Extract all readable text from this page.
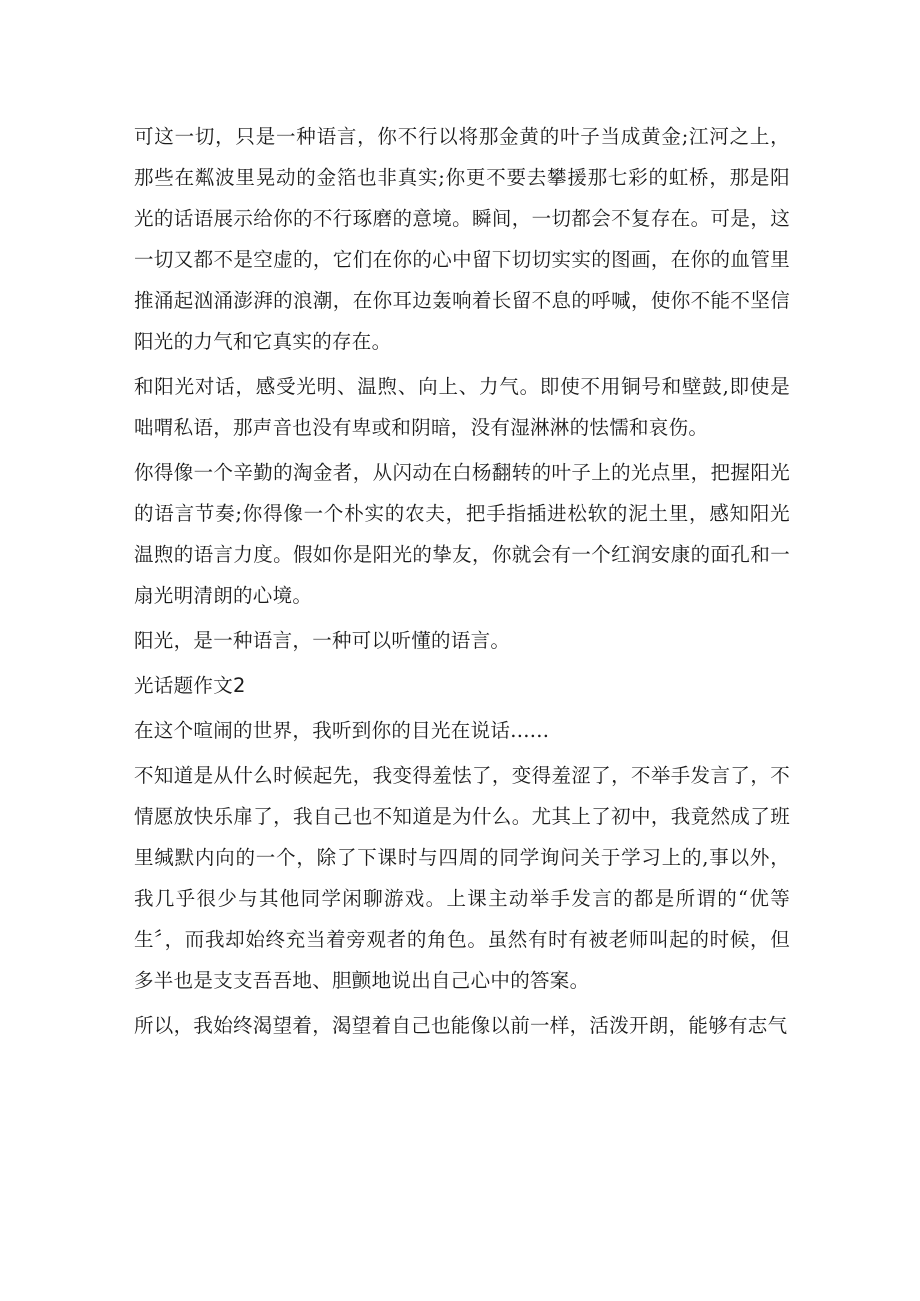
可这一切，只是一种语言，你不行以将那金黄的叶子当成黄金;江河之上，那些在粼波里晃动的金箔也非真实;你更不要去攀援那七彩的虹桥，那是阳光的话语展示给你的不行琢磨的意境。瞬间，一切都会不复存在。可是，这一切又都不是空虚的，它们在你的心中留下切切实实的图画，在你的血管里推涌起汹涌澎湃的浪潮，在你耳边轰响着长留不息的呼喊，使你不能不坚信阳光的力气和它真实的存在。

和阳光对话，感受光明、温煦、向上、力气。即使不用铜号和壁鼓,即使是咄喟私语，那声音也没有卑或和阴暗，没有湿淋淋的怯懦和哀伤。

你得像一个辛勤的淘金者，从闪动在白杨翻转的叶子上的光点里，把握阳光的语言节奏;你得像一个朴实的农夫，把手指插进松软的泥土里，感知阳光温煦的语言力度。假如你是阳光的挚友，你就会有一个红润安康的面孔和一扇光明清朗的心境。

阳光，是一种语言，一种可以听懂的语言。

光话题作文2

在这个喧闹的世界，我听到你的目光在说话......

不知道是从什么时候起先，我变得羞怯了，变得羞涩了，不举手发言了，不情愿放快乐扉了，我自己也不知道是为什么。尤其上了初中，我竟然成了班里缄默内向的一个，除了下课时与四周的同学询问关于学习上的,事以外，我几乎很少与其他同学闲聊游戏。上课主动举手发言的都是所谓的“优等生〞，而我却始终充当着旁观者的角色。虽然有时有被老师叫起的时候，但多半也是支支吾吾地、胆颤地说出自己心中的答案。

所以，我始终渴望着，渴望着自己也能像以前一样，活泼开朗，能够有志气
